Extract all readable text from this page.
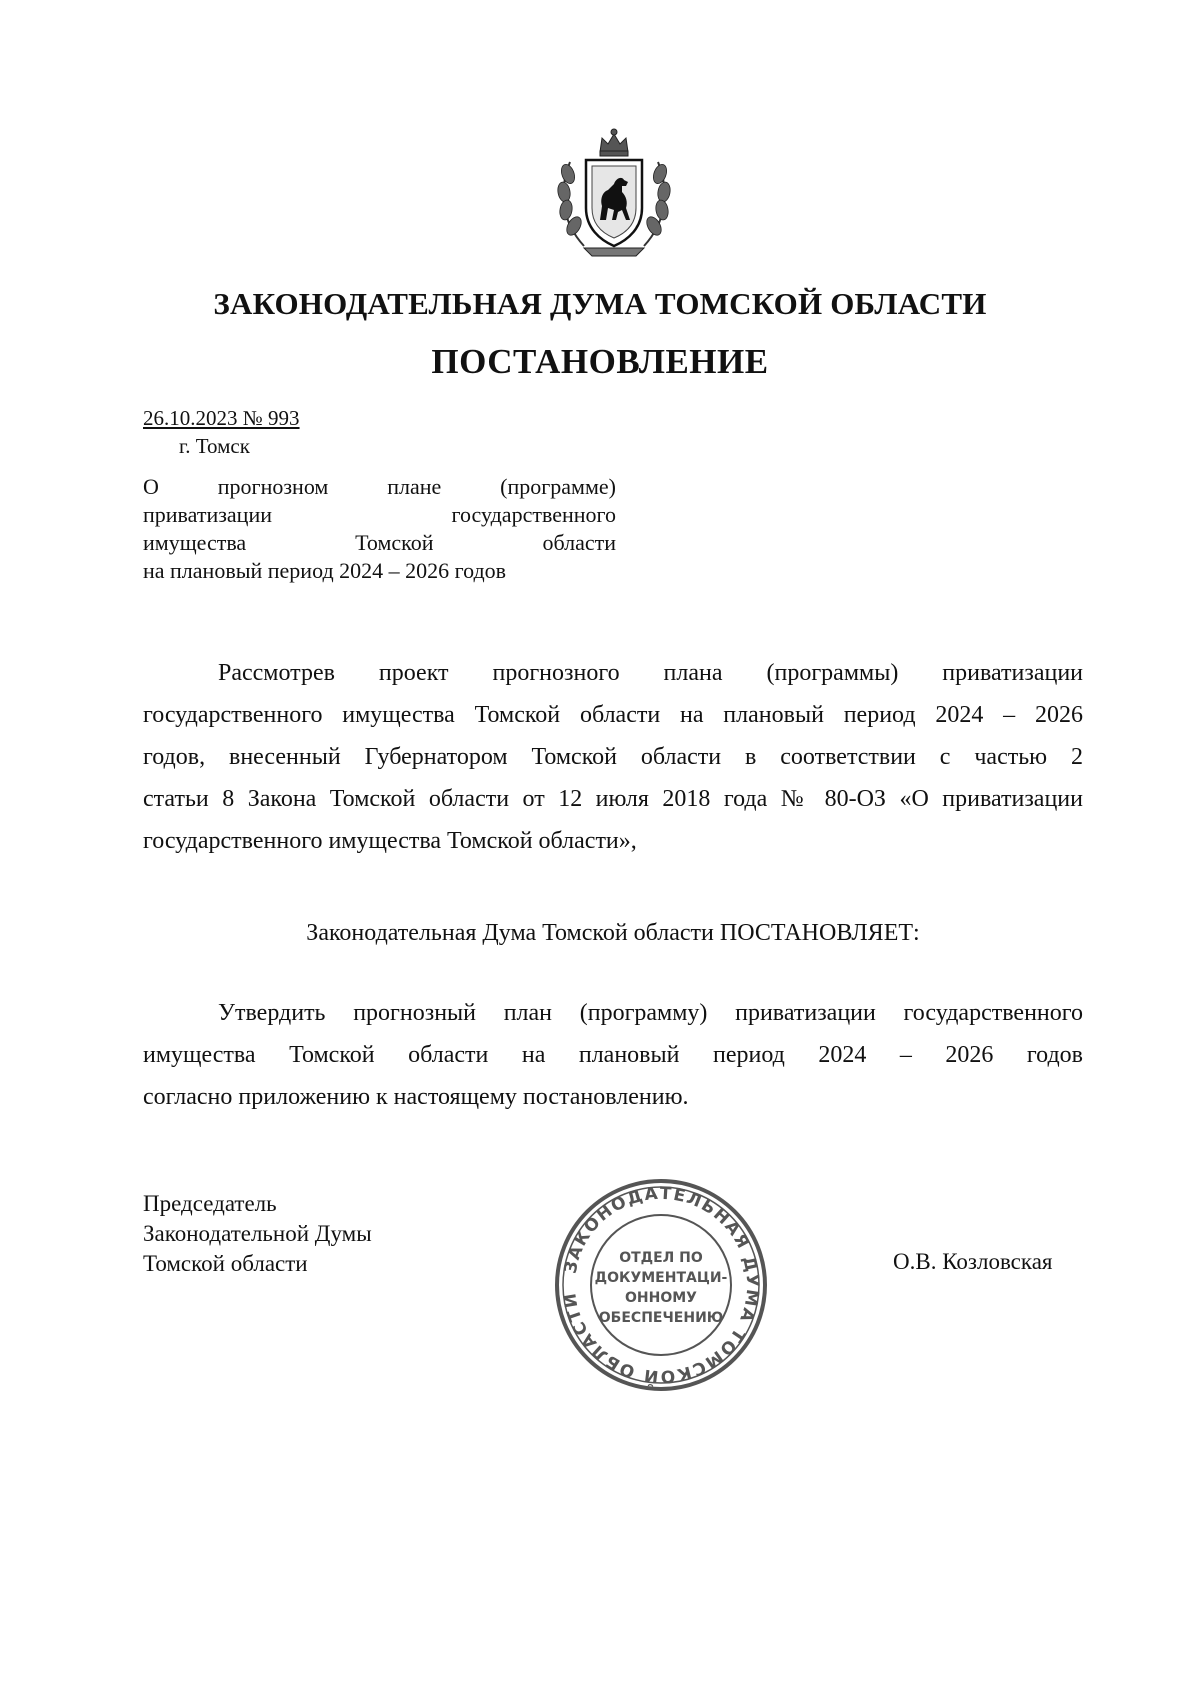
ЗАКОНОДАТЕЛЬНАЯ ДУМА ТОМСКОЙ ОБЛАСТИ
ПОСТАНОВЛЕНИЕ
26.10.2023 № 993
г. Томск
О прогнозном плане (программе)
приватизации государственного
имущества Томской области
на плановый период 2024 – 2026 годов
Рассмотрев проект прогнозного плана (программы) приватизации
государственного имущества Томской области на плановый период 2024 – 2026
годов, внесенный Губернатором Томской области в соответствии с частью 2
статьи 8 Закона Томской области от 12 июля 2018 года № 80-ОЗ «О приватизации
государственного имущества Томской области»,
Законодательная Дума Томской области ПОСТАНОВЛЯЕТ:
Утвердить прогнозный план (программу) приватизации государственного
имущества Томской области на плановый период 2024 – 2026 годов
согласно приложению к настоящему постановлению.
Председатель
Законодательной Думы
Томской области	О.В. Козловская
ЗАКОНОДАТЕЛЬНАЯ ДУМА ТОМСКОЙ ОБЛАСТИ
ОТДЕЛ ПО
ДОКУМЕНТАЦИ-
ОННОМУ
ОБЕСПЕЧЕНИЮ
